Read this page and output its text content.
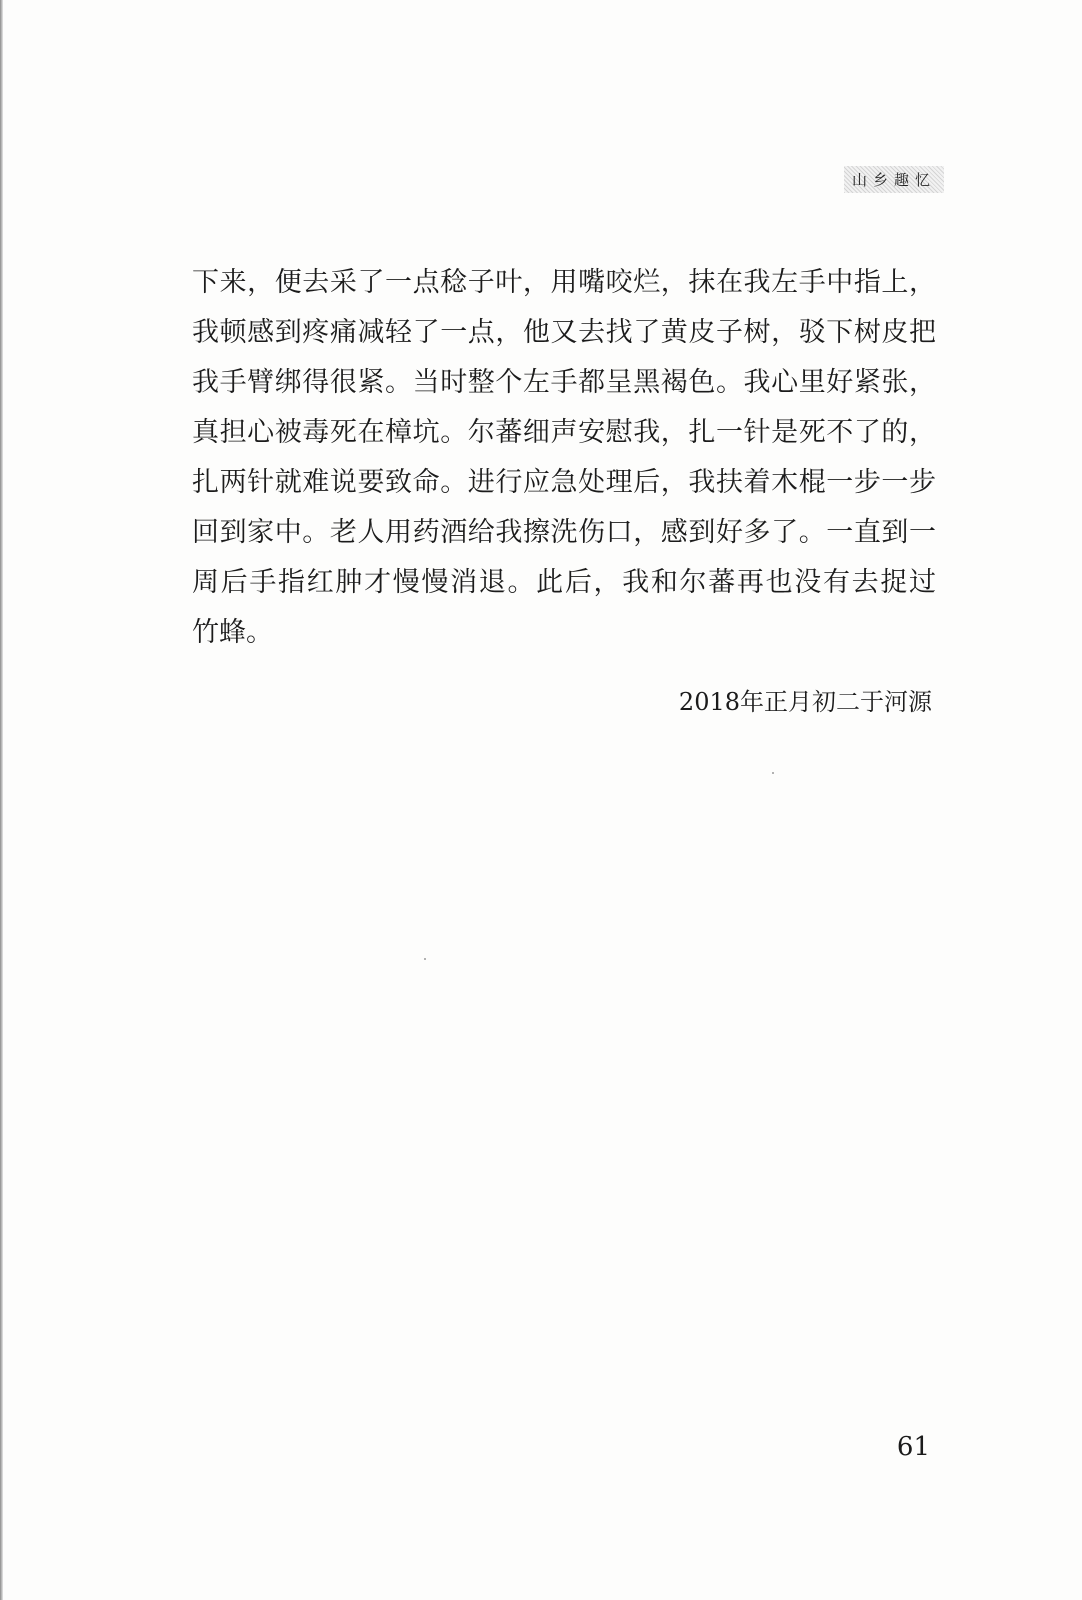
山乡趣忆
下来，便去采了一点稔子叶，用嘴咬烂，抹在我左手中指上，
我顿感到疼痛减轻了一点，他又去找了黄皮子树，驳下树皮把
我手臂绑得很紧。当时整个左手都呈黑褐色。我心里好紧张，
真担心被毒死在樟坑。尔蕃细声安慰我，扎一针是死不了的，
扎两针就难说要致命。进行应急处理后，我扶着木棍一步一步
回到家中。老人用药酒给我擦洗伤口，感到好多了。一直到一
周后手指红肿才慢慢消退。此后，我和尔蕃再也没有去捉过
竹蜂。
2018年正月初二于河源
61
